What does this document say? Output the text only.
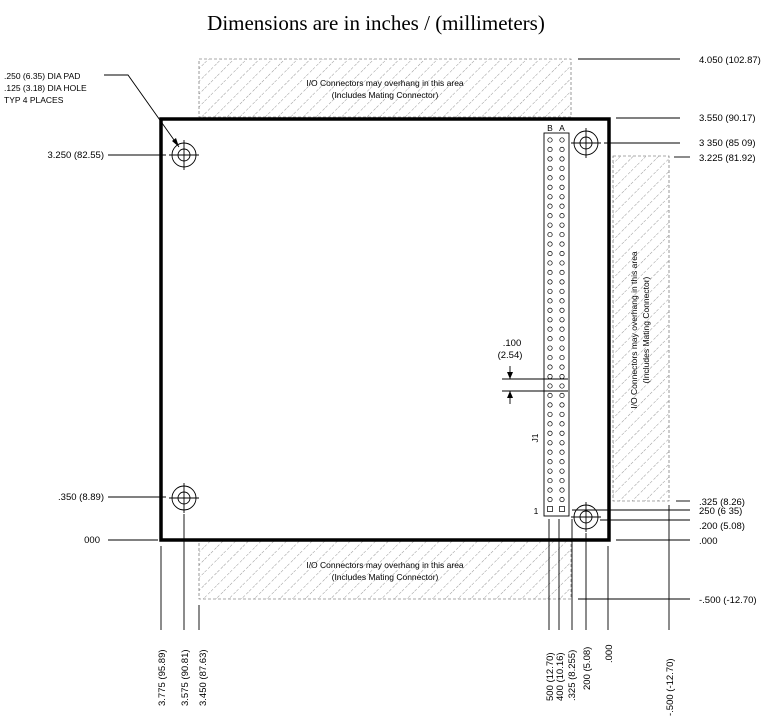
Dimensions are in inches / (millimeters)
I/O Connectors may overhang in this area
(Includes Mating Connector)
I/O Connectors may overhang in this area (Includes Mating Connector)
I/O Connectors may overhang in this area
(Includes Mating Connector)
B A
1
J1
.100
(2.54)
.250 (6.35) DIA PAD
.125 (3.18) DIA HOLE
TYP 4 PLACES
3.250 (82.55)
.350 (8.89)
000
4.050 (102.87)
3.550 (90.17)
3 350 (85 09)
3.225 (81.92)
.325 (8.26)
250 (6 35)
.200 (5.08)
.000
-.500 (-12.70)
3.775 (95.89) 3.575 (90.81) 3.450 (87.63)	500 (12.70) 400 (10.16) .325 (8.255) 200 (5.08) .000
-.500 (-12.70)
